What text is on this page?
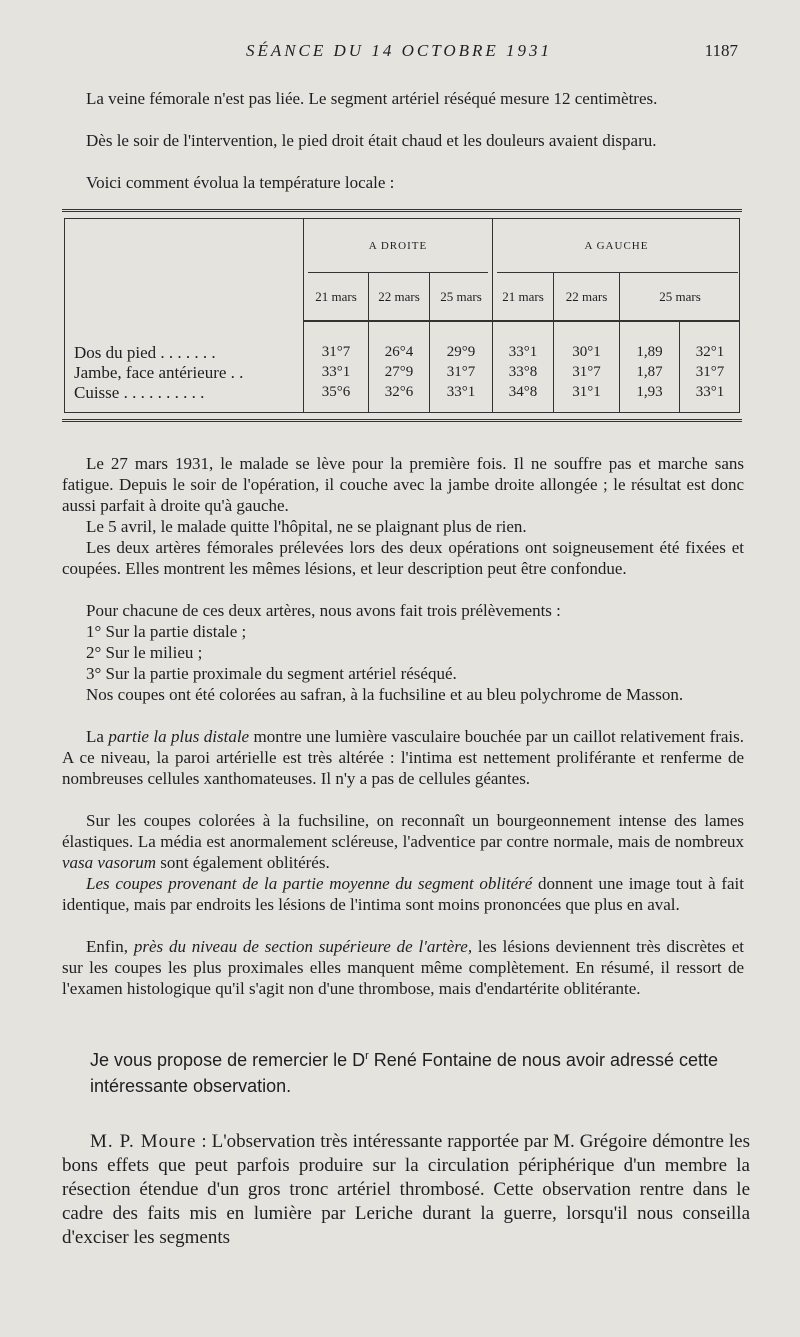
SÉANCE DU 14 OCTOBRE 1931	1187

La veine fémorale n'est pas liée. Le segment artériel réséqué mesure 12 centimètres.

Dès le soir de l'intervention, le pied droit était chaud et les douleurs avaient disparu.

Voici comment évolua la température locale :

A DROITE	A GAUCHE
21 mars	22 mars	25 mars	21 mars	22 mars	25 mars
Dos du pied . . . . . . .	31°7	26°4	29°9	33°1	30°1	1,89	32°1
Jambe, face antérieure . .	33°1	27°9	31°7	33°8	31°7	1,87	31°7
Cuisse . . . . . . . . . .	35°6	32°6	33°1	34°8	31°1	1,93	33°1

Le 27 mars 1931, le malade se lève pour la première fois. Il ne souffre pas et marche sans fatigue. Depuis le soir de l'opération, il couche avec la jambe droite allongée ; le résultat est donc aussi parfait à droite qu'à gauche.

Le 5 avril, le malade quitte l'hôpital, ne se plaignant plus de rien.

Les deux artères fémorales prélevées lors des deux opérations ont soigneusement été fixées et coupées. Elles montrent les mêmes lésions, et leur description peut être confondue.

Pour chacune de ces deux artères, nous avons fait trois prélèvements :

1° Sur la partie distale ;

2° Sur le milieu ;

3° Sur la partie proximale du segment artériel réséqué.

Nos coupes ont été colorées au safran, à la fuchsiline et au bleu polychrome de Masson.

La partie la plus distale montre une lumière vasculaire bouchée par un caillot relativement frais. A ce niveau, la paroi artérielle est très altérée : l'intima est nettement proliférante et renferme de nombreuses cellules xanthomateuses. Il n'y a pas de cellules géantes.

Sur les coupes colorées à la fuchsiline, on reconnaît un bourgeonnement intense des lames élastiques. La média est anormalement scléreuse, l'adventice par contre normale, mais de nombreux vasa vasorum sont également oblitérés.

Les coupes provenant de la partie moyenne du segment oblitéré donnent une image tout à fait identique, mais par endroits les lésions de l'intima sont moins prononcées que plus en aval.

Enfin, près du niveau de section supérieure de l'artère, les lésions deviennent très discrètes et sur les coupes les plus proximales elles manquent même complètement. En résumé, il ressort de l'examen histologique qu'il s'agit non d'une thrombose, mais d'endartérite oblitérante.

Je vous propose de remercier le $D^r$ René Fontaine de nous avoir adressé cette intéressante observation.

M. P. Moure : L'observation très intéressante rapportée par M. Grégoire démontre les bons effets que peut parfois produire sur la circulation périphérique d'un membre la résection étendue d'un gros tronc artériel thrombosé. Cette observation rentre dans le cadre des faits mis en lumière par Leriche durant la guerre, lorsqu'il nous conseilla d'exciser les segments
